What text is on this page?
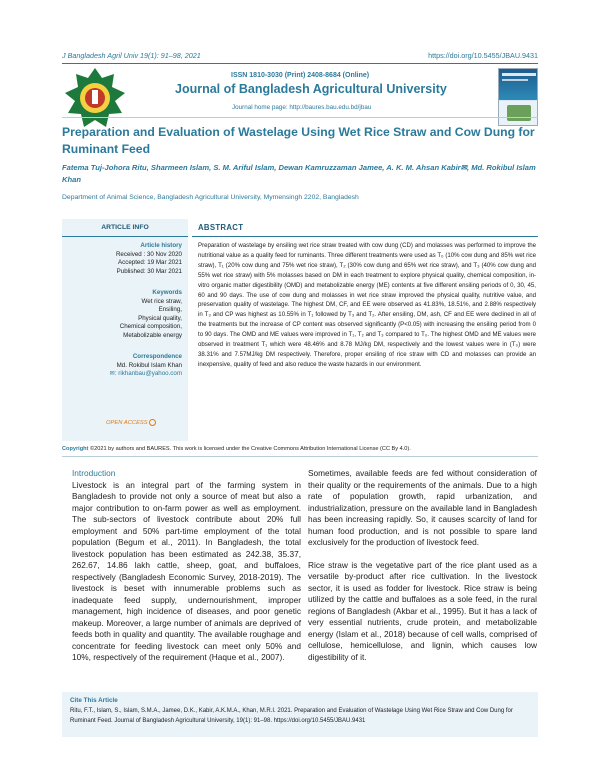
J Bangladesh Agril Univ 19(1): 91–98, 2021	https://doi.org/10.5455/JBAU.9431
ISSN 1810-3030 (Print) 2408-8684 (Online)
Journal of Bangladesh Agricultural University
Journal home page: http://baures.bau.edu.bd/jbau
Preparation and Evaluation of Wastelage Using Wet Rice Straw and Cow Dung for Ruminant Feed
Fatema Tuj-Johora Ritu, Sharmeen Islam, S. M. Ariful Islam, Dewan Kamruzzaman Jamee, A. K. M. Ahsan Kabir✉, Md. Rokibul Islam Khan
Department of Animal Science, Bangladesh Agricultural University, Mymensingh 2202, Bangladesh
ARTICLE INFO
Article history
Received : 30 Nov 2020
Accepted: 19 Mar 2021
Published: 30 Mar 2021
Keywords
Wet rice straw,
Ensiling,
Physical quality,
Chemical composition,
Metabolizable energy
Correspondence
Md. Rokibul Islam Khan
✉: rikhanbau@yahoo.com
OPEN ACCESS
ABSTRACT
Preparation of wastelage by ensiling wet rice straw treated with cow dung (CD) and molasses was performed to improve the nutritional value as a quality feed for ruminants. Three different treatments were used as T₀ (10% cow dung and 85% wet rice straw), T₁ (20% cow dung and 75% wet rice straw), T₂ (30% cow dung and 65% wet rice straw), and T₃ (40% cow dung and 55% wet rice straw) with 5% molasses based on DM in each treatment to explore physical quality, chemical composition, in-vitro organic matter digestibility (OMD) and metabolizable energy (ME) contents at five different ensiling periods of 0, 30, 45, 60 and 90 days. The use of cow dung and molasses in wet rice straw improved the physical quality, nutritive value, and preservation quality of wastelage. The highest DM, CF, and EE were observed as 41.83%, 18.51%, and 2.88% respectively in T₃ and CP was highest as 10.55% in T₁ followed by T₃ and T₂. After ensiling, DM, ash, CF and EE were declined in all of the treatments but the increase of CP content was observed significantly (P<0.05) with increasing the ensiling period from 0 to 90 days. The OMD and ME values were improved in T₁, T₂ and T₃ compared to T₀. The highest OMD and ME values were observed in treatment T₁ which were 48.46% and 8.78 MJ/kg DM, respectively and the lowest values were in (T₀) were 38.31% and 7.57MJ/kg DM respectively. Therefore, proper ensiling of rice straw with CD and molasses can provide an inexpensive, quality of feed and also reduce the waste hazards in our environment.
Copyright ©2021 by authors and BAURES. This work is licensed under the Creative Commons Attribution International License (CC By 4.0).
Introduction

Livestock is an integral part of the farming system in Bangladesh to provide not only a source of meat but also a major contribution to on-farm power as well as employment. The sub-sectors of livestock contribute about 20% full employment and 50% part-time employment of the total population (Begum et al., 2011). In Bangladesh, the total livestock population has been estimated as 242.38, 35.37, 262.67, 14.86 lakh cattle, sheep, goat, and buffaloes, respectively (Bangladesh Economic Survey, 2018-2019). The livestock is beset with innumerable problems such as inadequate feed supply, undernourishment, improper management, high incidence of diseases, and poor genetic makeup. Moreover, a large number of animals are deprived of feeds both in quality and quantity. The available roughage and concentrate for feeding livestock can meet only 50% and 10%, respectively of the requirement (Haque et al., 2007).

Sometimes, available feeds are fed without consideration of their quality or the requirements of the animals. Due to a high rate of population growth, rapid urbanization, and industrialization, pressure on the available land in Bangladesh has been increasing rapidly. So, it causes scarcity of land for human food production, and is not possible to spare land exclusively for the production of livestock feed.

Rice straw is the vegetative part of the rice plant used as a versatile by-product after rice cultivation. In the livestock sector, it is used as fodder for livestock. Rice straw is being utilized by the cattle and buffaloes as a sole feed, in the rural regions of Bangladesh (Akbar et al., 1995). But it has a lack of very essential nutrients, crude protein, and metabolizable energy (Islam et al., 2018) because of cell walls, comprised of cellulose, hemicellulose, and lignin, which causes low digestibility of it.

Cite This Article
Ritu, F.T., Islam, S., Islam, S.M.A., Jamee, D.K., Kabir, A.K.M.A., Khan, M.R.I. 2021. Preparation and Evaluation of Wastelage Using Wet Rice Straw and Cow Dung for Ruminant Feed. Journal of Bangladesh Agricultural University, 19(1): 91–98. https://doi.org/10.5455/JBAU.9431
